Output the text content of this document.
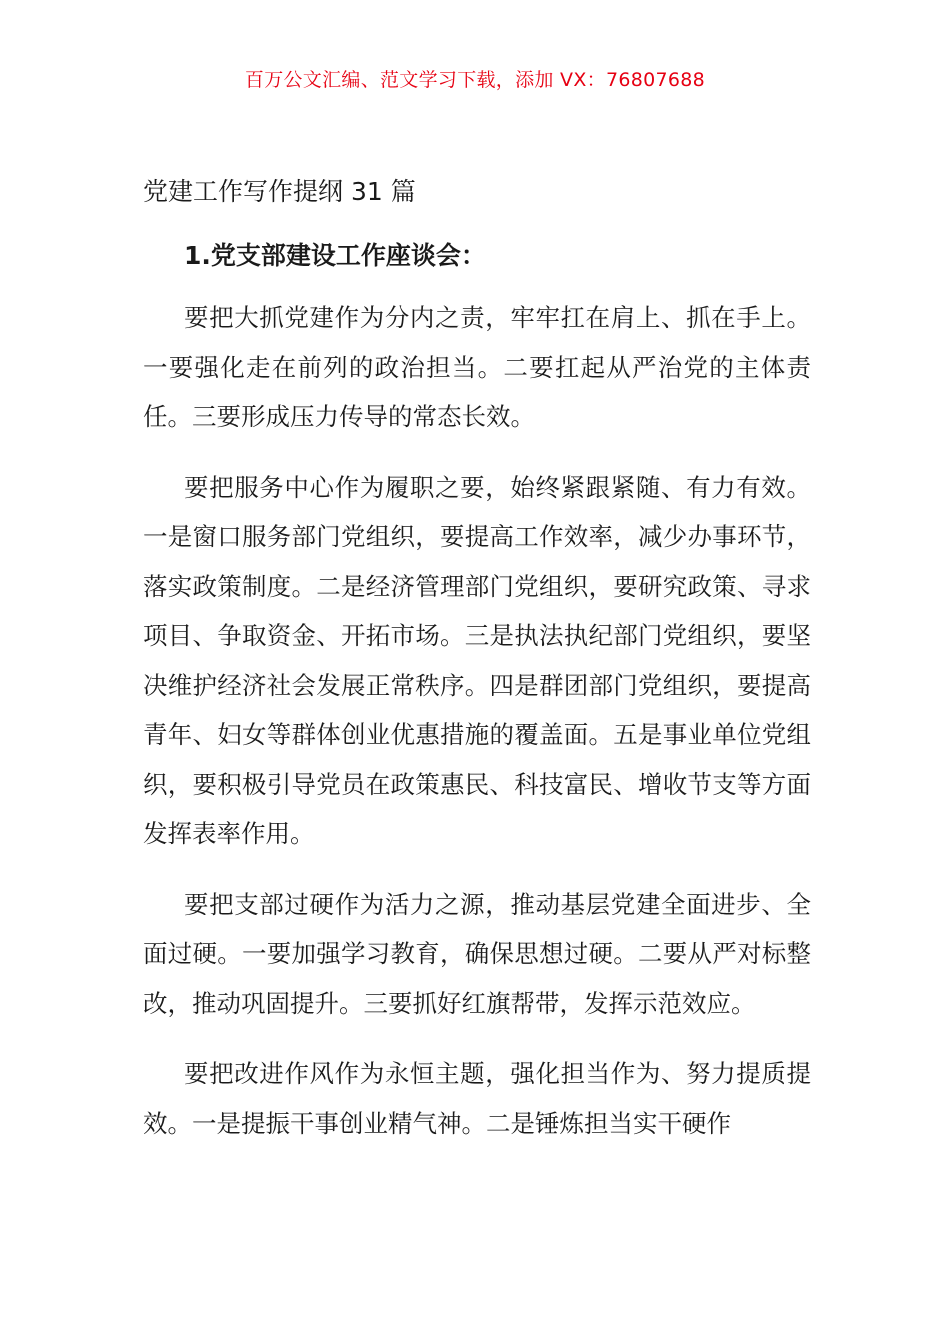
百万公文汇编、范文学习下载，添加 VX：76807688
党建工作写作提纲 31 篇
1.党支部建设工作座谈会：

要把大抓党建作为分内之责，牢牢扛在肩上、抓在手上。一要强化走在前列的政治担当。二要扛起从严治党的主体责任。三要形成压力传导的常态长效。

要把服务中心作为履职之要，始终紧跟紧随、有力有效。一是窗口服务部门党组织，要提高工作效率，减少办事环节，落实政策制度。二是经济管理部门党组织，要研究政策、寻求项目、争取资金、开拓市场。三是执法执纪部门党组织，要坚决维护经济社会发展正常秩序。四是群团部门党组织，要提高青年、妇女等群体创业优惠措施的覆盖面。五是事业单位党组织，要积极引导党员在政策惠民、科技富民、增收节支等方面发挥表率作用。

要把支部过硬作为活力之源，推动基层党建全面进步、全面过硬。一要加强学习教育，确保思想过硬。二要从严对标整改，推动巩固提升。三要抓好红旗帮带，发挥示范效应。

要把改进作风作为永恒主题，强化担当作为、努力提质提效。一是提振干事创业精气神。二是锤炼担当实干硬作
